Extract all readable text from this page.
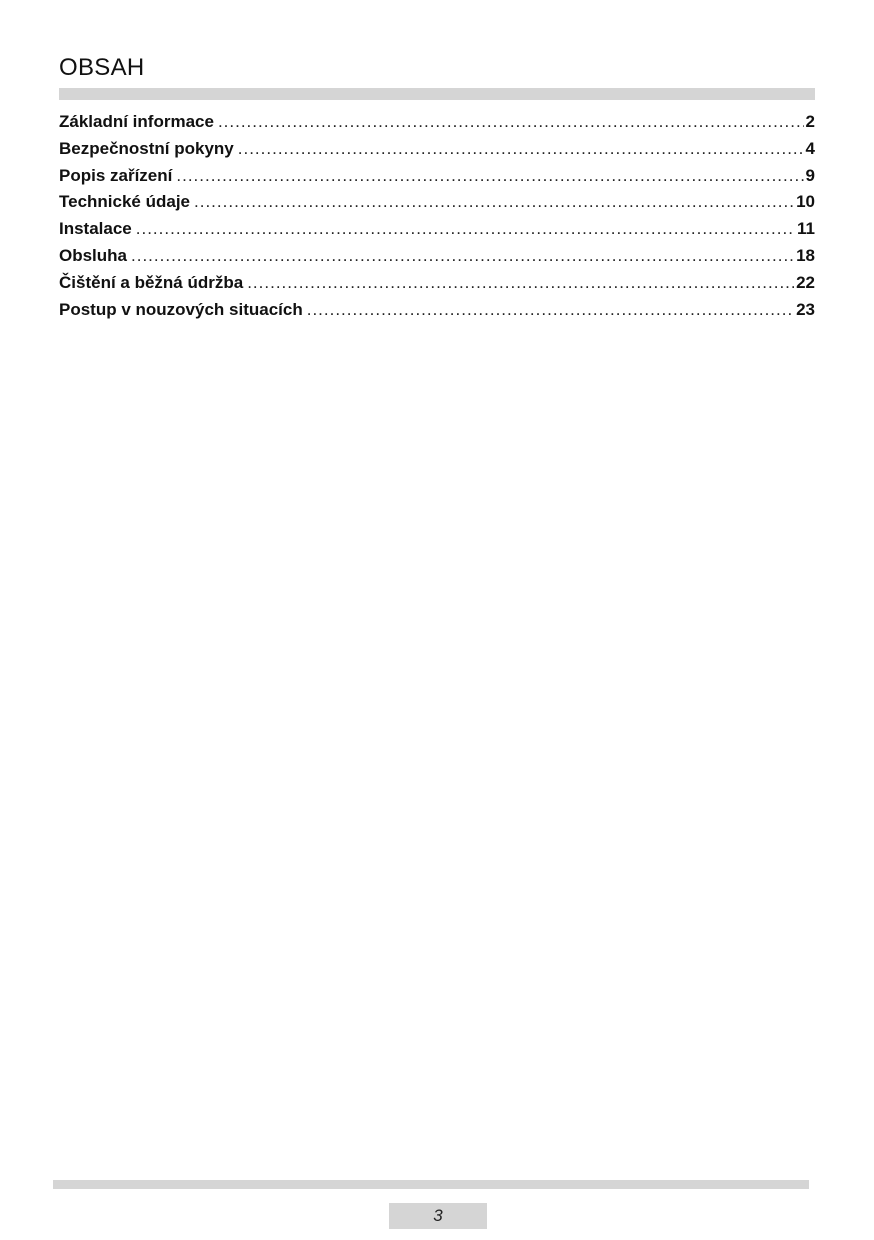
OBSAH
Základní informace .....	2
Bezpečnostní pokyny .....	4
Popis zařízení .....	9
Technické údaje .....	10
Instalace .....	11
Obsluha .....	18
Čištění a běžná údržba .....	22
Postup v nouzových situacích .....	23
3
